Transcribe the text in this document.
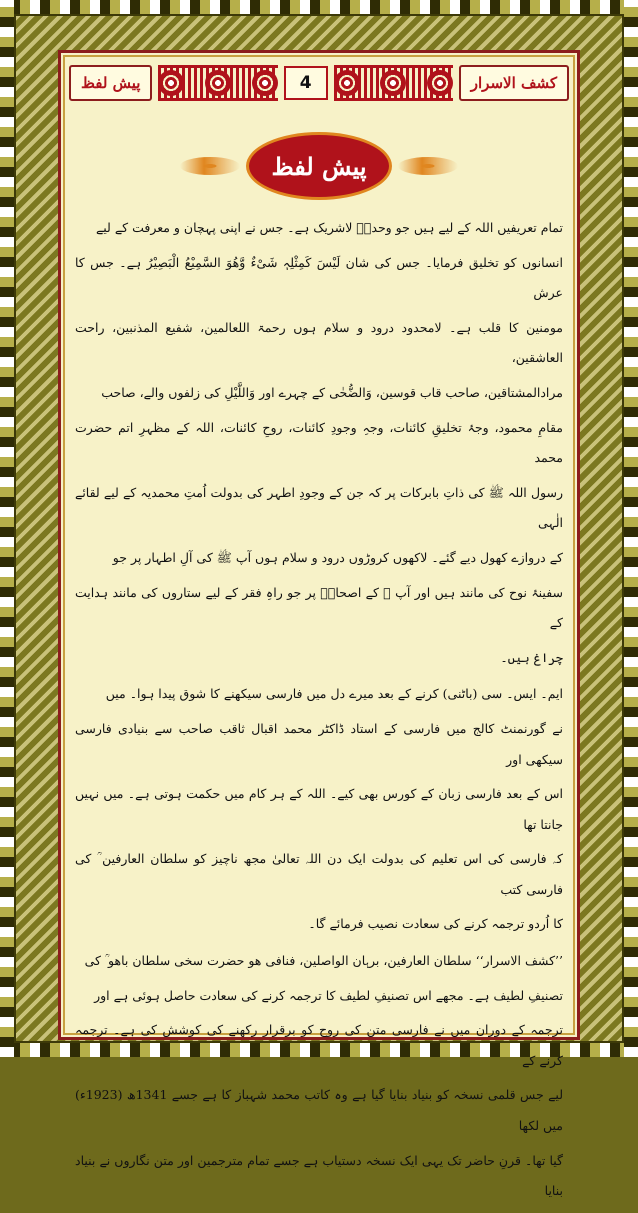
پیش لفظ	4	کشف الاسرار
پیش لفظ

تمام تعریفیں اللہ کے لیے ہیں جو وحدہٗ لاشریک ہے۔ جس نے اپنی پہچان و معرفت کے لیے

انسانوں کو تخلیق فرمایا۔ جس کی شان لَیْسَ کَمِثْلِہٖ شَیْءٌ وَّھُوَ السَّمِیْعُ الْبَصِیْرُ ہے۔ جس کا عرش

مومنین کا قلب ہے۔ لامحدود درود و سلام ہوں رحمۃ اللعالمین، شفیع المذنبین، راحت العاشقین،

مرادالمشتاقین، صاحب قاب قوسین، وَالضُّحٰی کے چہرے اور وَاللَّیْلِ کی زلفوں والے، صاحب

مقامِ محمود، وجۂ تخلیقِ کائنات، وجہِ وجودِ کائنات، روحِ کائنات، اللہ کے مظہرِ اتم حضرت محمد

رسول اللہ ﷺ کی ذاتِ بابرکات پر کہ جن کے وجودِ اطہر کی بدولت اُمتِ محمدیہ کے لیے لقائے الٰہی

کے دروازے کھول دیے گئے۔ لاکھوں کروڑوں درود و سلام ہوں آپ ﷺ کی آلِ اطہار پر جو

سفینۂ نوح کی مانند ہیں اور آپ ﷺ کے اصحابؓ پر جو راہِ فقر کے لیے ستاروں کی مانند ہدایت کے

چراغ ہیں۔

ایم۔ ایس۔ سی (باٹنی) کرنے کے بعد میرے دل میں فارسی سیکھنے کا شوق پیدا ہوا۔ میں

نے گورنمنٹ کالج میں فارسی کے استاد ڈاکٹر محمد اقبال ثاقب صاحب سے بنیادی فارسی سیکھی اور

اس کے بعد فارسی زبان کے کورس بھی کیے۔ اللہ کے ہر کام میں حکمت ہوتی ہے۔ میں نہیں جانتا تھا

کہ فارسی کی اس تعلیم کی بدولت ایک دن اللہ تعالیٰ مجھ ناچیز کو سلطان العارفین ؒ کی فارسی کتب

کا اُردو ترجمہ کرنے کی سعادت نصیب فرمائے گا۔

’’کشف الاسرار‘‘ سلطان العارفین، برہان الواصلین، فنافی ھو حضرت سخی سلطان باھو ؒ کی

تصنیفِ لطیف ہے۔ مجھے اس تصنیفِ لطیف کا ترجمہ کرنے کی سعادت حاصل ہوئی ہے اور

ترجمہ کے دوران میں نے فارسی متن کی روح کو برقرار رکھنے کی کوشش کی ہے۔ ترجمہ کرنے کے

لیے جس قلمی نسخہ کو بنیاد بنایا گیا ہے وہ کاتب محمد شہباز کا ہے جسے 1341ھ (1923ء) میں لکھا

گیا تھا۔ قرنِ حاضر تک یہی ایک نسخہ دستیاب ہے جسے تمام مترجمین اور متن نگاروں نے بنیاد بنایا
